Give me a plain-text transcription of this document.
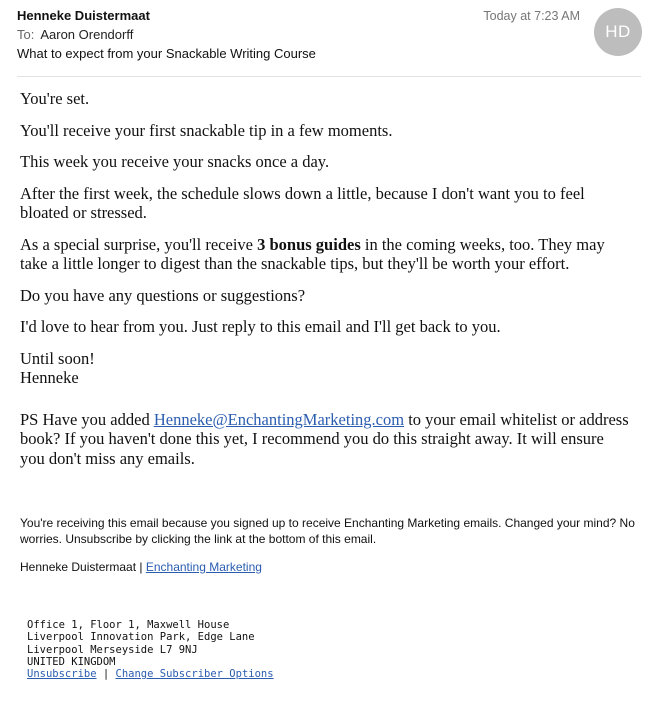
Henneke Duistermaat
To: Aaron Orendorff
What to expect from your Snackable Writing Course
Today at 7:23 AM
HD

You're set.

You'll receive your first snackable tip in a few moments.

This week you receive your snacks once a day.

After the first week, the schedule slows down a little, because I don't want you to feel bloated or stressed.

As a special surprise, you'll receive 3 bonus guides in the coming weeks, too. They may take a little longer to digest than the snackable tips, but they'll be worth your effort.

Do you have any questions or suggestions?

I'd love to hear from you. Just reply to this email and I'll get back to you.

Until soon!
Henneke

PS Have you added Henneke@EnchantingMarketing.com to your email whitelist or address book? If you haven't done this yet, I recommend you do this straight away. It will ensure you don't miss any emails.

You're receiving this email because you signed up to receive Enchanting Marketing emails. Changed your mind? No worries. Unsubscribe by clicking the link at the bottom of this email.

Henneke Duistermaat | Enchanting Marketing
Office 1, Floor 1, Maxwell House
Liverpool Innovation Park, Edge Lane
Liverpool Merseyside L7 9NJ
UNITED KINGDOM
Unsubscribe | Change Subscriber Options
